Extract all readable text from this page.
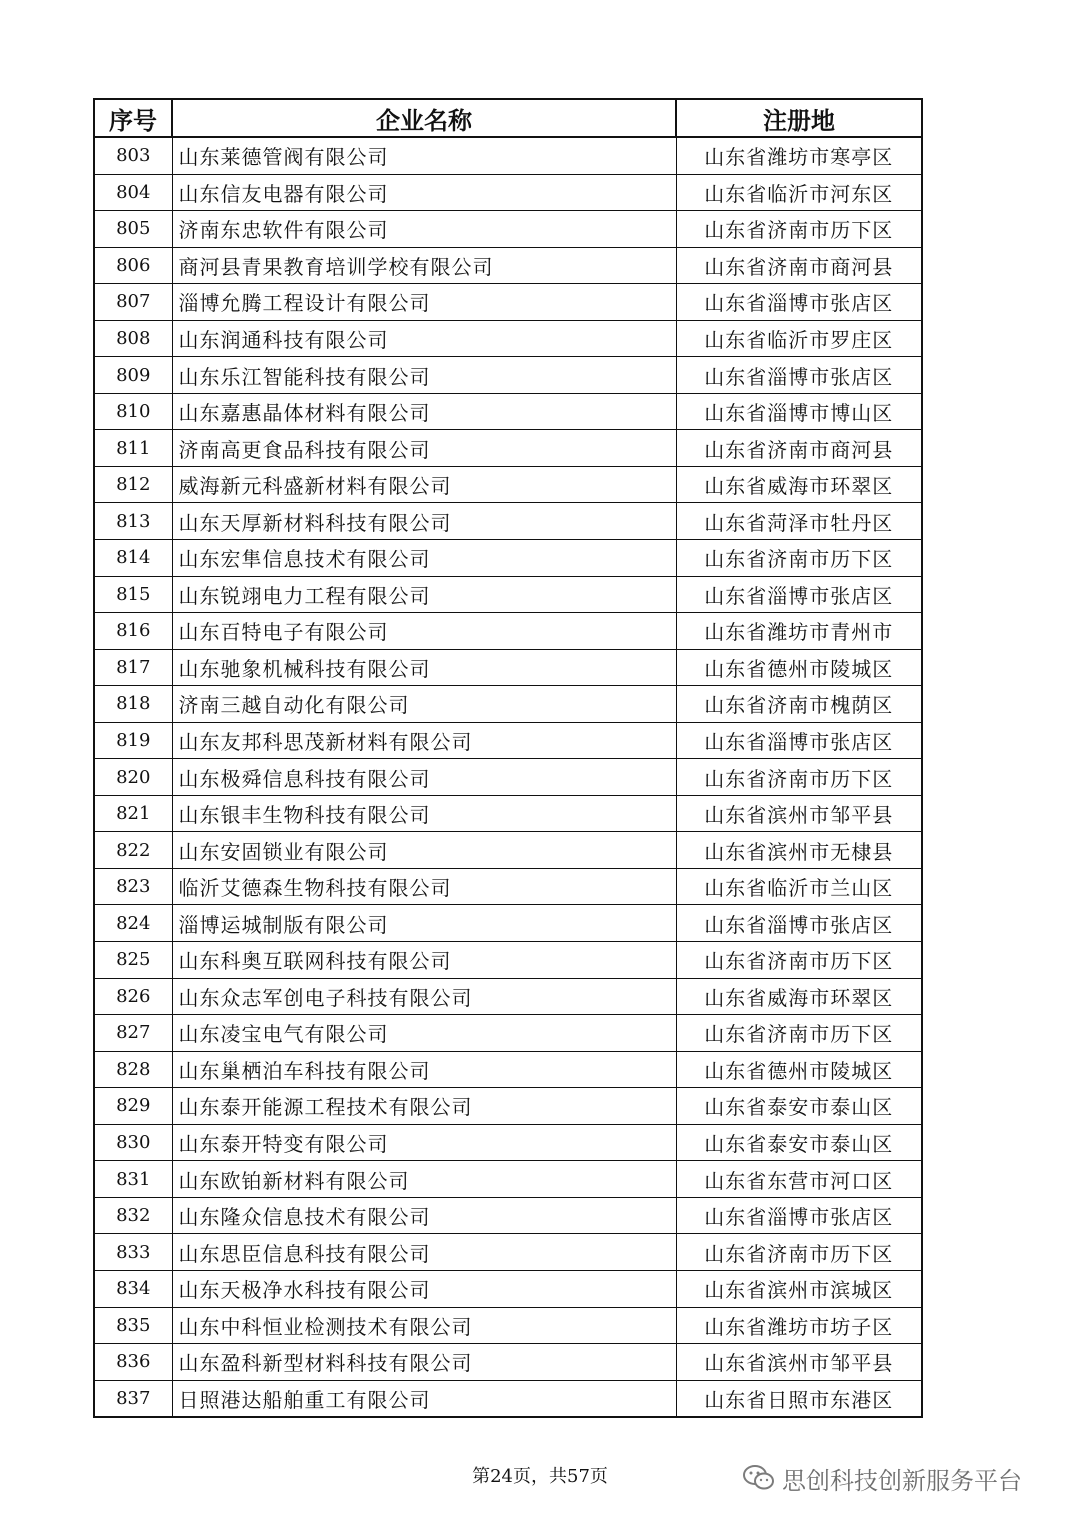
序号	企业名称	注册地
803	山东莱德管阀有限公司	山东省潍坊市寒亭区
804	山东信友电器有限公司	山东省临沂市河东区
805	济南东忠软件有限公司	山东省济南市历下区
806	商河县青果教育培训学校有限公司	山东省济南市商河县
807	淄博允腾工程设计有限公司	山东省淄博市张店区
808	山东润通科技有限公司	山东省临沂市罗庄区
809	山东乐江智能科技有限公司	山东省淄博市张店区
810	山东嘉惠晶体材料有限公司	山东省淄博市博山区
811	济南高更食品科技有限公司	山东省济南市商河县
812	威海新元科盛新材料有限公司	山东省威海市环翠区
813	山东天厚新材料科技有限公司	山东省菏泽市牡丹区
814	山东宏隼信息技术有限公司	山东省济南市历下区
815	山东锐翊电力工程有限公司	山东省淄博市张店区
816	山东百特电子有限公司	山东省潍坊市青州市
817	山东驰象机械科技有限公司	山东省德州市陵城区
818	济南三越自动化有限公司	山东省济南市槐荫区
819	山东友邦科思茂新材料有限公司	山东省淄博市张店区
820	山东极舜信息科技有限公司	山东省济南市历下区
821	山东银丰生物科技有限公司	山东省滨州市邹平县
822	山东安固锁业有限公司	山东省滨州市无棣县
823	临沂艾德森生物科技有限公司	山东省临沂市兰山区
824	淄博运城制版有限公司	山东省淄博市张店区
825	山东科奥互联网科技有限公司	山东省济南市历下区
826	山东众志军创电子科技有限公司	山东省威海市环翠区
827	山东凌宝电气有限公司	山东省济南市历下区
828	山东巢栖泊车科技有限公司	山东省德州市陵城区
829	山东泰开能源工程技术有限公司	山东省泰安市泰山区
830	山东泰开特变有限公司	山东省泰安市泰山区
831	山东欧铂新材料有限公司	山东省东营市河口区
832	山东隆众信息技术有限公司	山东省淄博市张店区
833	山东思臣信息科技有限公司	山东省济南市历下区
834	山东天极净水科技有限公司	山东省滨州市滨城区
835	山东中科恒业检测技术有限公司	山东省潍坊市坊子区
836	山东盈科新型材料科技有限公司	山东省滨州市邹平县
837	日照港达船舶重工有限公司	山东省日照市东港区
第24页，共57页	思创科技创新服务平台
